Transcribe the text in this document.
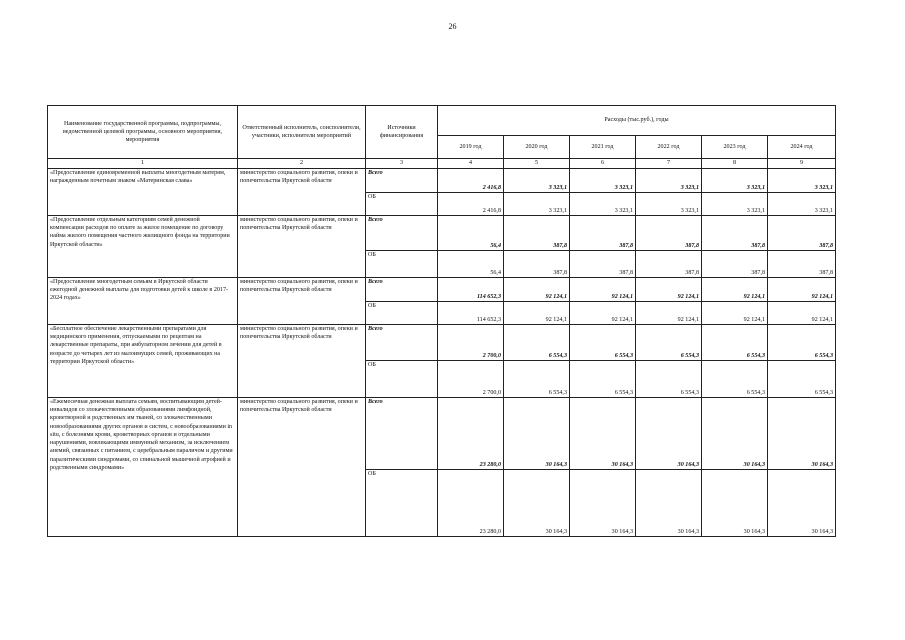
26
Наименование государственной программы, подпрограммы, ведомственной целевой программы, основного мероприятия, мероприятия	Ответственный исполнитель, соисполнители, участники, исполнители мероприятий	Источники финансирования	Расходы (тыс.руб.), годы					
			2019 год	2020 год	2021 год	2022 год	2023 год	2024 год
1	2	3	4	5	6	7	8	9
«Предоставление единовременной выплаты многодетным матерям, награжденным почетным знаком «Материнская слава»	министерство социального развития, опеки и попечительства Иркутской области	Всего	2 416,8	3 323,1	3 323,1	3 323,1	3 323,1	3 323,1
		ОБ	2 416,8	3 323,1	3 323,1	3 323,1	3 323,1	3 323,1
«Предоставление отдельным категориям семей денежной компенсации расходов по оплате за жилое помещение по договору найма жилого помещения частного жилищного фонда на территории Иркутской области»	министерство социального развития, опеки и попечительства Иркутской области	Всего	56,4	387,8	387,8	387,8	387,8	387,8
		ОБ	56,4	387,8	387,8	387,8	387,8	387,8
«Предоставление многодетным семьям в Иркутской области ежегодной денежной выплаты для подготовки детей к школе в 2017-2024 годах»	министерство социального развития, опеки и попечительства Иркутской области	Всего	114 652,3	92 124,1	92 124,1	92 124,1	92 124,1	92 124,1
		ОБ	114 652,3	92 124,1	92 124,1	92 124,1	92 124,1	92 124,1
«Бесплатное обеспечение лекарственными препаратами для медицинского применения, отпускаемыми по рецептам на лекарственные препараты, при амбулаторном лечении для детей в возрасте до четырех лет из малоимущих семей, проживающих на территории Иркутской области»	министерство социального развития, опеки и попечительства Иркутской области	Всего	2 700,0	6 554,3	6 554,3	6 554,3	6 554,3	6 554,3
		ОБ	2 700,0	6 554,3	6 554,3	6 554,3	6 554,3	6 554,3
«Ежемесячная денежная выплата семьям, воспитывающим детей-инвалидов со злокачественными образованиями лимфоидной, кроветворной и родственных им тканей, со злокачественными новообразованиями других органов и систем, с новообразованиями in situ, с болезнями крови, кроветворных органов и отдельными нарушениями, вовлекающими иммунный механизм, за исключением анемий, связанных с питанием, с церебральным параличом и другими паралитическими синдромами, со спинальной мышечной атрофией и родственными синдромами»	министерство социального развития, опеки и попечительства Иркутской области	Всего	23 280,0	30 164,3	30 164,3	30 164,3	30 164,3	30 164,3
		ОБ	23 280,0	30 164,3	30 164,3	30 164,3	30 164,3	30 164,3
